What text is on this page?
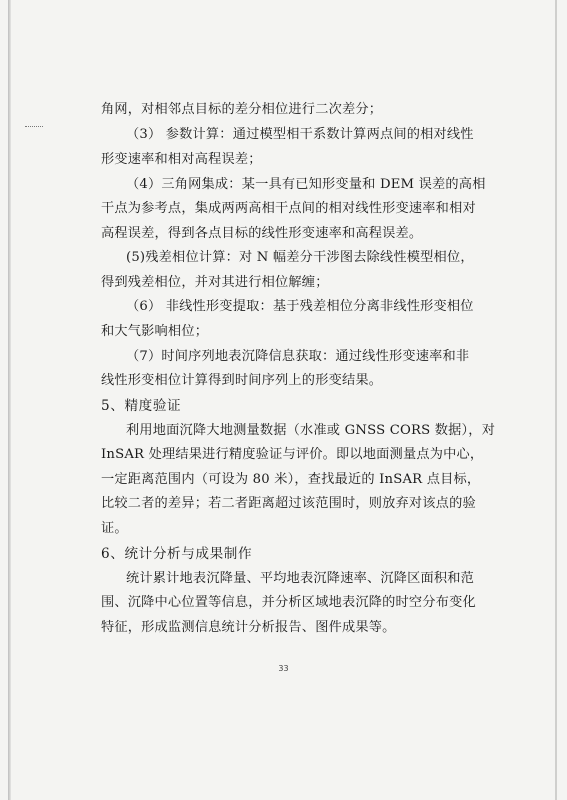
角网，对相邻点目标的差分相位进行二次差分；
（3） 参数计算：通过模型相干系数计算两点间的相对线性
形变速率和相对高程误差；
（4）三角网集成：某一具有已知形变量和 DEM 误差的高相
干点为参考点，集成两两高相干点间的相对线性形变速率和相对
高程误差，得到各点目标的线性形变速率和高程误差。
(5)残差相位计算：对 N 幅差分干涉图去除线性模型相位，
得到残差相位，并对其进行相位解缠；
（6） 非线性形变提取：基于残差相位分离非线性形变相位
和大气影响相位；
（7）时间序列地表沉降信息获取：通过线性形变速率和非
线性形变相位计算得到时间序列上的形变结果。
5、精度验证
利用地面沉降大地测量数据（水准或 GNSS CORS 数据），对
InSAR 处理结果进行精度验证与评价。即以地面测量点为中心，
一定距离范围内（可设为 80 米），查找最近的 InSAR 点目标，
比较二者的差异；若二者距离超过该范围时，则放弃对该点的验
证。
6、统计分析与成果制作
统计累计地表沉降量、平均地表沉降速率、沉降区面积和范
围、沉降中心位置等信息，并分析区域地表沉降的时空分布变化
特征，形成监测信息统计分析报告、图件成果等。
33
